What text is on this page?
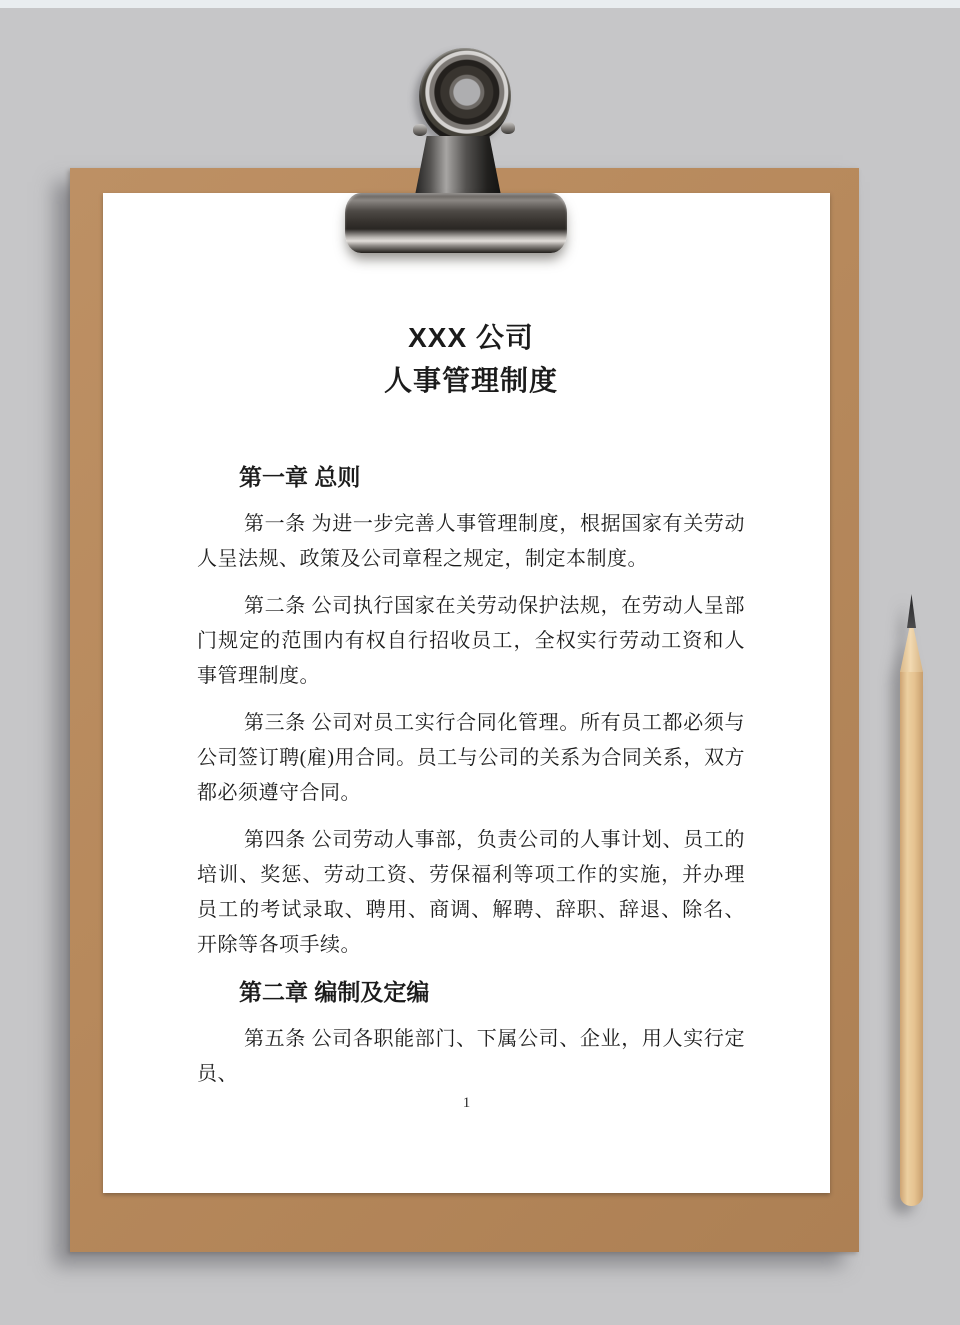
XXX 公司
人事管理制度
第一章 总则

第一条 为进一步完善人事管理制度，根据国家有关劳动人呈法规、政策及公司章程之规定，制定本制度。

第二条 公司执行国家在关劳动保护法规，在劳动人呈部门规定的范围内有权自行招收员工，全权实行劳动工资和人事管理制度。

第三条 公司对员工实行合同化管理。所有员工都必须与公司签订聘(雇)用合同。员工与公司的关系为合同关系，双方都必须遵守合同。

第四条 公司劳动人事部，负责公司的人事计划、员工的培训、奖惩、劳动工资、劳保福利等项工作的实施，并办理员工的考试录取、聘用、商调、解聘、辞职、辞退、除名、开除等各项手续。

第二章 编制及定编

第五条 公司各职能部门、下属公司、企业，用人实行定员、

1
